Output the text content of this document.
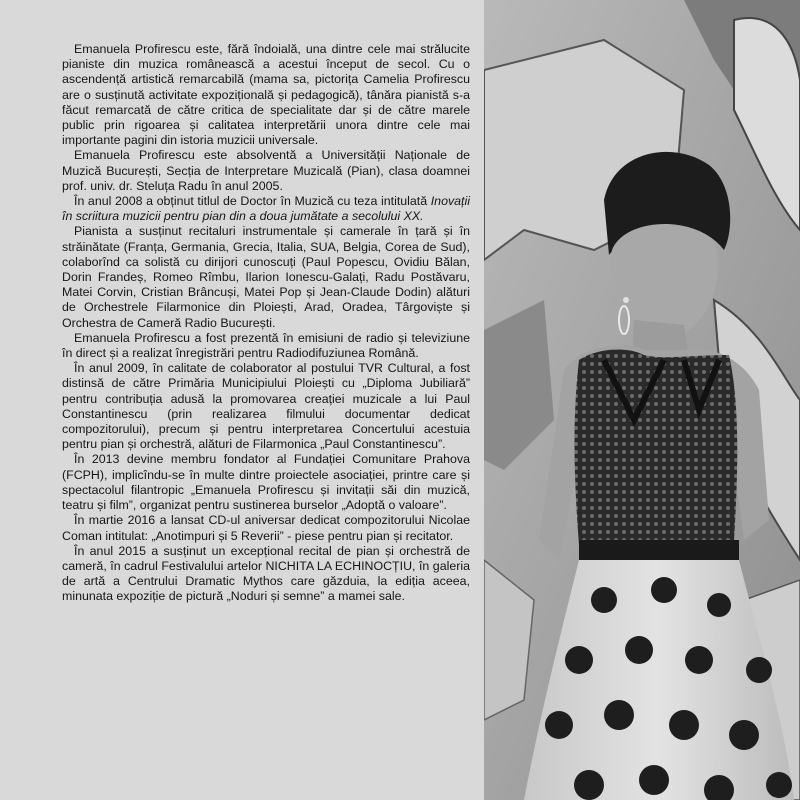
Emanuela Profirescu este, fără îndoială, una dintre cele mai strălucite pianiste din muzica românească a acestui început de secol. Cu o ascendență artistică remarcabilă (mama sa, pictorița Camelia Profirescu are o susținută activitate expozițională și pedagogică), tânăra pianistă s-a făcut remarcată de către critica de specialitate dar și de către marele public prin rigoarea și calitatea interpretării unora dintre cele mai importante pagini din istoria muzicii universale.

Emanuela Profirescu este absolventă a Universității Naționale de Muzică București, Secția de Interpretare Muzicală (Pian), clasa doamnei prof. univ. dr. Steluța Radu în anul 2005.

În anul 2008 a obținut titlul de Doctor în Muzică cu teza intitulată Inovații în scriitura muzicii pentru pian din a doua jumătate a secolului XX.

Pianista a susținut recitaluri instrumentale și camerale în țară și în străinătate (Franța, Germania, Grecia, Italia, SUA, Belgia, Corea de Sud), colaborînd ca solistă cu dirijori cunoscuți (Paul Popescu, Ovidiu Bălan, Dorin Frandeș, Romeo Rîmbu, Ilarion Ionescu-Galați, Radu Postăvaru, Matei Corvin, Cristian Brâncuși, Matei Pop și Jean-Claude Dodin) alături de Orchestrele Filarmonice din Ploiești, Arad, Oradea, Târgoviște și Orchestra de Cameră Radio București.

Emanuela Profirescu a fost prezentă în emisiuni de radio și televiziune în direct și a realizat înregistrări pentru Radiodifuziunea Română.

În anul 2009, în calitate de colaborator al postului TVR Cultural, a fost distinsă de către Primăria Municipiului Ploiești cu „Diploma Jubiliară” pentru contribuția adusă la promovarea creației muzicale a lui Paul Constantinescu (prin realizarea filmului documentar dedicat compozitorului), precum și pentru interpretarea Concertului acestuia pentru pian și orchestră, alături de Filarmonica „Paul Constantinescu”.

În 2013 devine membru fondator al Fundației Comunitare Prahova (FCPH), implicîndu-se în multe dintre proiectele asociației, printre care și spectacolul filantropic „Emanuela Profirescu și invitații săi din muzică, teatru și film”, organizat pentru sustinerea burselor „Adoptă o valoare”.

În martie 2016 a lansat CD-ul aniversar dedicat compozitorului Nicolae Coman intitulat: „Anotimpuri și 5 Reverii” - piese pentru pian și recitator.

În anul 2015 a susținut un excepțional recital de pian și orchestră de cameră, în cadrul Festivalului artelor NICHITA LA ECHINOCȚIU, în galeria de artă a Centrului Dramatic Mythos care găzduia, la ediția aceea, minunata expoziție de pictură „Noduri și semne” a mamei sale.
